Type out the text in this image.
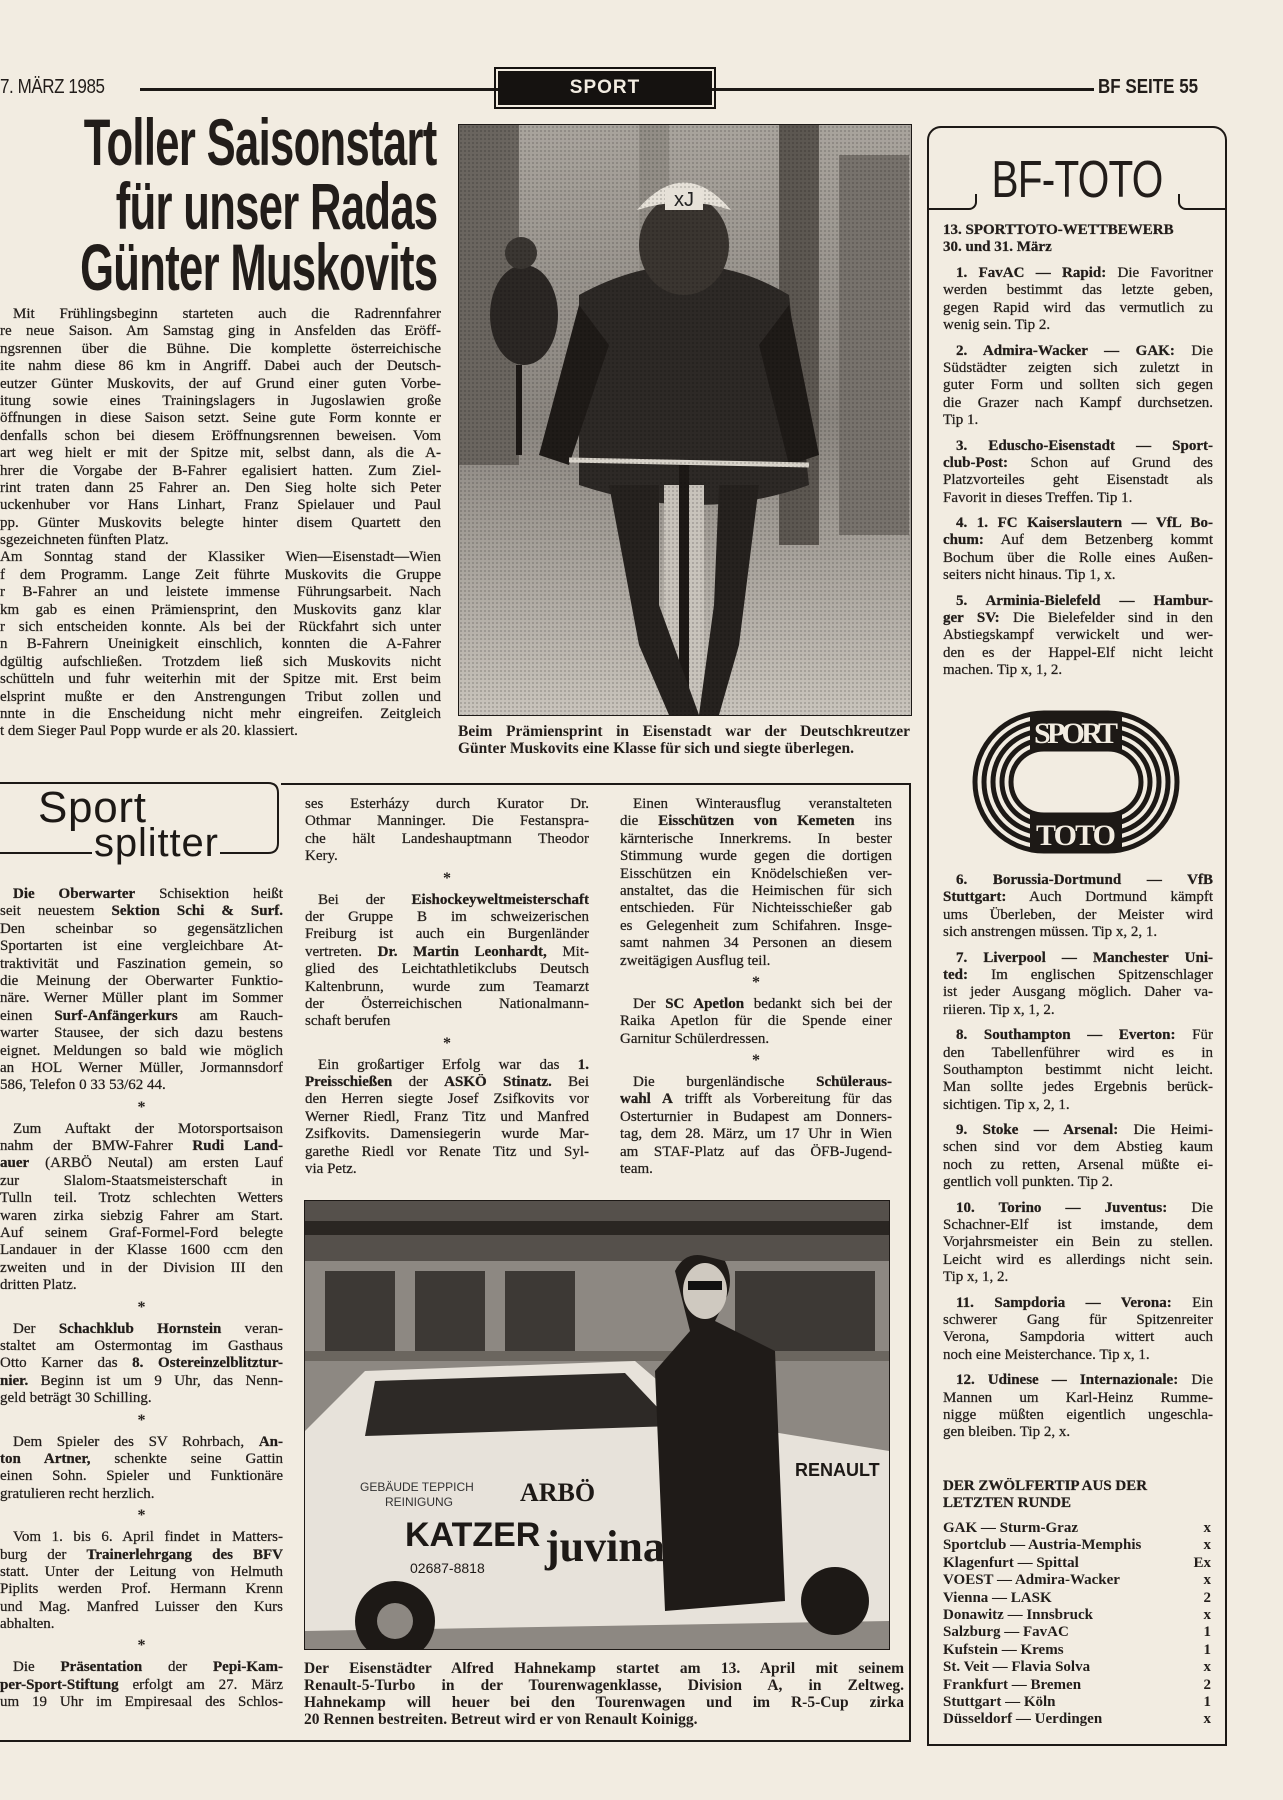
7. MÄRZ 1985	SPORT	BF SEITE 55
Toller Saisonstart
für unser Radas
Günter Muskovits
Mit Frühlingsbeginn starteten auch die Radrennfahrer
re neue Saison. Am Samstag ging in Ansfelden das Eröff-
ngsrennen über die Bühne. Die komplette österreichische
ite nahm diese 86 km in Angriff. Dabei auch der Deutsch-
eutzer Günter Muskovits, der auf Grund einer guten Vorbe-
itung sowie eines Trainingslagers in Jugoslawien große
öffnungen in diese Saison setzt. Seine gute Form konnte er
denfalls schon bei diesem Eröffnungsrennen beweisen. Vom
art weg hielt er mit der Spitze mit, selbst dann, als die A-
hrer die Vorgabe der B-Fahrer egalisiert hatten. Zum Ziel-
rint traten dann 25 Fahrer an. Den Sieg holte sich Peter
uckenhuber vor Hans Linhart, Franz Spielauer und Paul
pp. Günter Muskovits belegte hinter disem Quartett den
sgezeichneten fünften Platz.
Am Sonntag stand der Klassiker Wien—Eisenstadt—Wien
f dem Programm. Lange Zeit führte Muskovits die Gruppe
r B-Fahrer an und leistete immense Führungsarbeit. Nach
km gab es einen Prämiensprint, den Muskovits ganz klar
r sich entscheiden konnte. Als bei der Rückfahrt sich unter
n B-Fahrern Uneinigkeit einschlich, konnten die A-Fahrer
dgültig aufschließen. Trotzdem ließ sich Muskovits nicht
schütteln und fuhr weiterhin mit der Spitze mit. Erst beim
elsprint mußte er den Anstrengungen Tribut zollen und
nnte in die Enscheidung nicht mehr eingreifen. Zeitgleich
t dem Sieger Paul Popp wurde er als 20. klassiert.
xJ
Beim Prämiensprint in Eisenstadt war der Deutschkreutzer
Günter Muskovits eine Klasse für sich und siegte überlegen.
BF-TOTO
13. SPORTTOTO-WETTBEWERB
30. und 31. März
1. FavAC — Rapid: Die Favoritner
werden bestimmt das letzte geben,
gegen Rapid wird das vermutlich zu
wenig sein. Tip 2.
2. Admira-Wacker — GAK: Die
Südstädter zeigten sich zuletzt in
guter Form und sollten sich gegen
die Grazer nach Kampf durchsetzen.
Tip 1.
3. Eduscho-Eisenstadt — Sport-
club-Post: Schon auf Grund des
Platzvorteiles geht Eisenstadt als
Favorit in dieses Treffen. Tip 1.
4. 1. FC Kaiserslautern — VfL Bo-
chum: Auf dem Betzenberg kommt
Bochum über die Rolle eines Außen-
seiters nicht hinaus. Tip 1, x.
5. Arminia-Bielefeld — Hambur-
ger SV: Die Bielefelder sind in den
Abstiegskampf verwickelt und wer-
den es der Happel-Elf nicht leicht
machen. Tip x, 1, 2.
SPORT
TOTO
6. Borussia-Dortmund — VfB
Stuttgart: Auch Dortmund kämpft
ums Überleben, der Meister wird
sich anstrengen müssen. Tip x, 2, 1.
7. Liverpool — Manchester Uni-
ted: Im englischen Spitzenschlager
ist jeder Ausgang möglich. Daher va-
riieren. Tip x, 1, 2.
8. Southampton — Everton: Für
den Tabellenführer wird es in
Southampton bestimmt nicht leicht.
Man sollte jedes Ergebnis berück-
sichtigen. Tip x, 2, 1.
9. Stoke — Arsenal: Die Heimi-
schen sind vor dem Abstieg kaum
noch zu retten, Arsenal müßte ei-
gentlich voll punkten. Tip 2.
10. Torino — Juventus: Die
Schachner-Elf ist imstande, dem
Vorjahrsmeister ein Bein zu stellen.
Leicht wird es allerdings nicht sein.
Tip x, 1, 2.
11. Sampdoria — Verona: Ein
schwerer Gang für Spitzenreiter
Verona, Sampdoria wittert auch
noch eine Meisterchance. Tip x, 1.
12. Udinese — Internazionale: Die
Mannen um Karl-Heinz Rumme-
nigge müßten eigentlich ungeschla-
gen bleiben. Tip 2, x.
DER ZWÖLFERTIP AUS DER
LETZTEN RUNDE
GAK — Sturm-Graz	x
Sportclub — Austria-Memphis	x
Klagenfurt — Spittal	Ex
VOEST — Admira-Wacker	x
Vienna — LASK	2
Donawitz — Innsbruck	x
Salzburg — FavAC	1
Kufstein — Krems	1
St. Veit — Flavia Solva	x
Frankfurt — Bremen	2
Stuttgart — Köln	1
Düsseldorf — Uerdingen	x
Sport
splitter
Die Oberwarter Schisektion heißt
seit neuestem Sektion Schi & Surf.
Den scheinbar so gegensätzlichen
Sportarten ist eine vergleichbare At-
traktivität und Faszination gemein, so
die Meinung der Oberwarter Funktio-
näre. Werner Müller plant im Sommer
einen Surf-Anfängerkurs am Rauch-
warter Stausee, der sich dazu bestens
eignet. Meldungen so bald wie möglich
an HOL Werner Müller, Jormannsdorf
586, Telefon 0 33 53/62 44.
*
Zum Auftakt der Motorsportsaison
nahm der BMW-Fahrer Rudi Land-
auer (ARBÖ Neutal) am ersten Lauf
zur Slalom-Staatsmeisterschaft in
Tulln teil. Trotz schlechten Wetters
waren zirka siebzig Fahrer am Start.
Auf seinem Graf-Formel-Ford belegte
Landauer in der Klasse 1600 ccm den
zweiten und in der Division III den
dritten Platz.
*
Der Schachklub Hornstein veran-
staltet am Ostermontag im Gasthaus
Otto Karner das 8. Ostereinzelblitztur-
nier. Beginn ist um 9 Uhr, das Nenn-
geld beträgt 30 Schilling.
*
Dem Spieler des SV Rohrbach, An-
ton Artner, schenkte seine Gattin
einen Sohn. Spieler und Funktionäre
gratulieren recht herzlich.
*
Vom 1. bis 6. April findet in Matters-
burg der Trainerlehrgang des BFV
statt. Unter der Leitung von Helmuth
Piplits werden Prof. Hermann Krenn
und Mag. Manfred Luisser den Kurs
abhalten.
*
Die Präsentation der Pepi-Kam-
per-Sport-Stiftung erfolgt am 27. März
um 19 Uhr im Empiresaal des Schlos-
ses Esterházy durch Kurator Dr.
Othmar Manninger. Die Festanspra-
che hält Landeshauptmann Theodor
Kery.
*
Bei der Eishockeyweltmeisterschaft
der Gruppe B im schweizerischen
Freiburg ist auch ein Burgenländer
vertreten. Dr. Martin Leonhardt, Mit-
glied des Leichtathletikclubs Deutsch
Kaltenbrunn, wurde zum Teamarzt
der Österreichischen Nationalmann-
schaft berufen
*
Ein großartiger Erfolg war das 1.
Preisschießen der ASKÖ Stinatz. Bei
den Herren siegte Josef Zsifkovits vor
Werner Riedl, Franz Titz und Manfred
Zsifkovits. Damensiegerin wurde Mar-
garethe Riedl vor Renate Titz und Syl-
via Petz.
Einen Winterausflug veranstalteten
die Eisschützen von Kemeten ins
kärnterische Innerkrems. In bester
Stimmung wurde gegen die dortigen
Eisschützen ein Knödelschießen ver-
anstaltet, das die Heimischen für sich
entschieden. Für Nichteisschießer gab
es Gelegenheit zum Schifahren. Insge-
samt nahmen 34 Personen an diesem
zweitägigen Ausflug teil.
*
Der SC Apetlon bedankt sich bei der
Raika Apetlon für die Spende einer
Garnitur Schülerdressen.
*
Die burgenländische Schüleraus-
wahl A trifft als Vorbereitung für das
Osterturnier in Budapest am Donners-
tag, dem 28. März, um 17 Uhr in Wien
am STAF-Platz auf das ÖFB-Jugend-
team.
GEBÄUDE TEPPICH
REINIGUNG
KATZER
02687-8818
ARBÖ
juvina
RENAULT
Der Eisenstädter Alfred Hahnekamp startet am 13. April mit seinem
Renault-5-Turbo in der Tourenwagenklasse, Division A, in Zeltweg.
Hahnekamp will heuer bei den Tourenwagen und im R-5-Cup zirka
20 Rennen bestreiten. Betreut wird er von Renault Koinigg.
